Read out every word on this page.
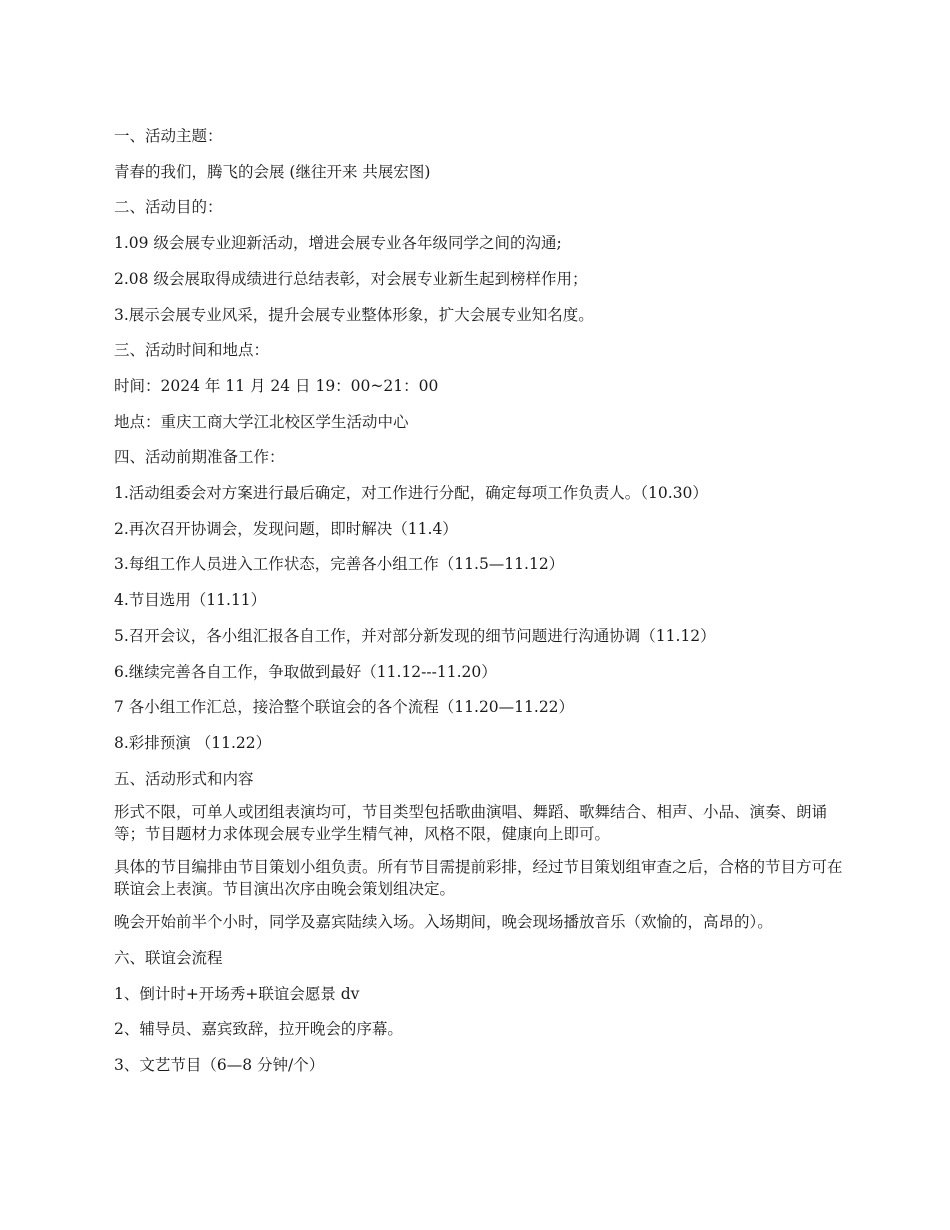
一、活动主题：

青春的我们，腾飞的会展 (继往开来 共展宏图)

二、活动目的：

1.09 级会展专业迎新活动，增进会展专业各年级同学之间的沟通;

2.08 级会展取得成绩进行总结表彰，对会展专业新生起到榜样作用；

3.展示会展专业风采，提升会展专业整体形象，扩大会展专业知名度。

三、活动时间和地点：

时间：2024 年 11 月 24 日 19：00~21：00

地点：重庆工商大学江北校区学生活动中心

四、活动前期准备工作：

1.活动组委会对方案进行最后确定，对工作进行分配，确定每项工作负责人。（10.30）

2.再次召开协调会，发现问题，即时解决（11.4）

3.每组工作人员进入工作状态，完善各小组工作（11.5—11.12）

4.节目选用（11.11）

5.召开会议，各小组汇报各自工作，并对部分新发现的细节问题进行沟通协调（11.12）

6.继续完善各自工作，争取做到最好（11.12---11.20）

7 各小组工作汇总，接洽整个联谊会的各个流程（11.20—11.22）

8.彩排预演 （11.22）

五、活动形式和内容

形式不限，可单人或团组表演均可，节目类型包括歌曲演唱、舞蹈、歌舞结合、相声、小品、演奏、朗诵等；节目题材力求体现会展专业学生精气神，风格不限，健康向上即可。

具体的节目编排由节目策划小组负责。所有节目需提前彩排，经过节目策划组审查之后，合格的节目方可在联谊会上表演。节目演出次序由晚会策划组决定。

晚会开始前半个小时，同学及嘉宾陆续入场。入场期间，晚会现场播放音乐（欢愉的，高昂的）。

六、联谊会流程

1、倒计时+开场秀+联谊会愿景 dv

2、辅导员、嘉宾致辞，拉开晚会的序幕。

3、文艺节目（6—8 分钟/个）
